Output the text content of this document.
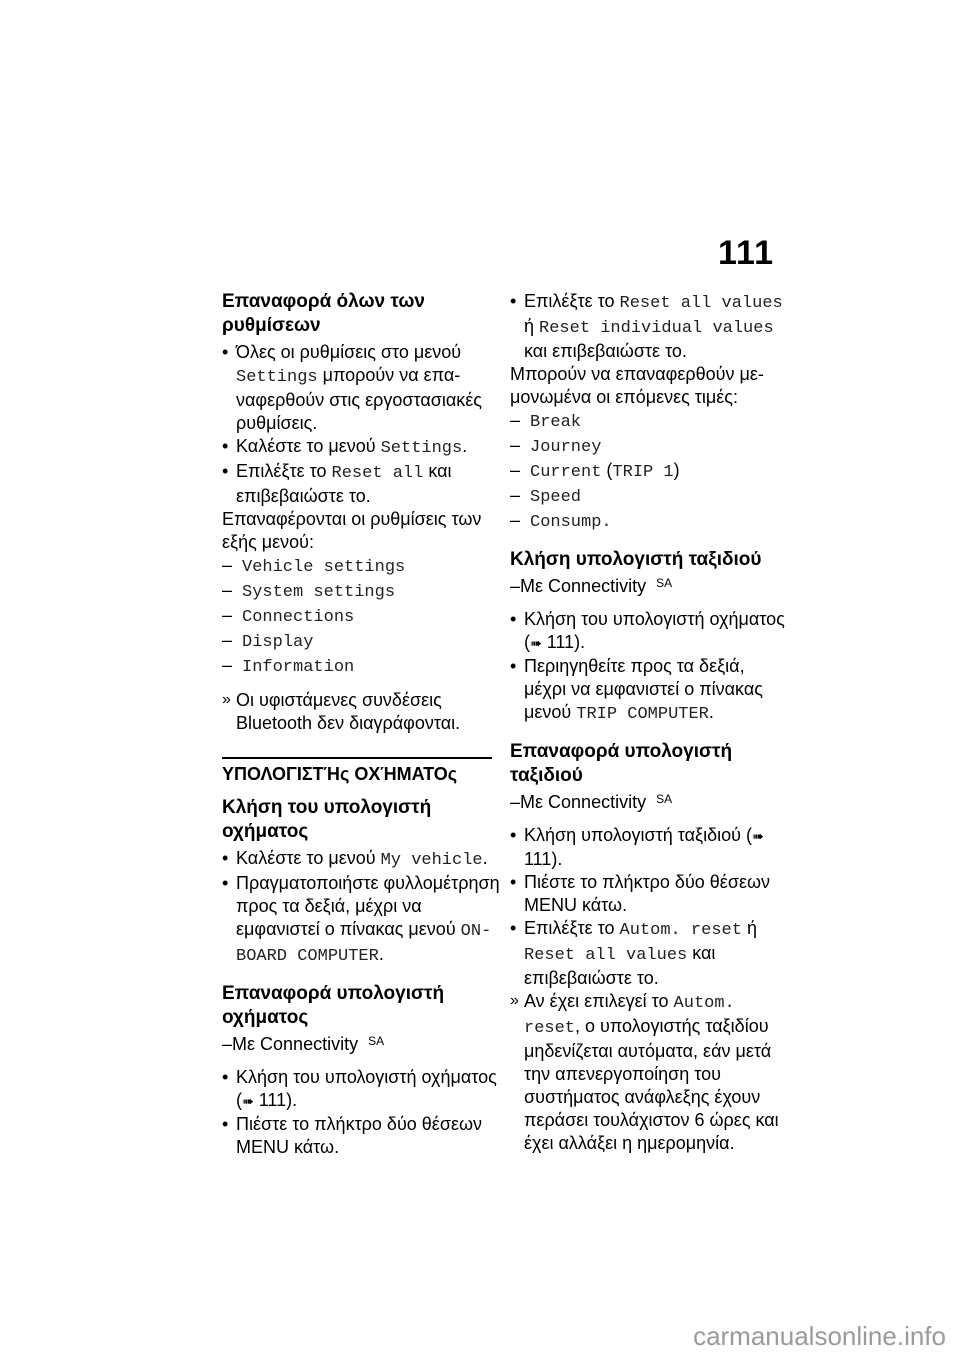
111
Επαναφορά όλων των ρυθμίσεων
• Όλες οι ρυθμίσεις στο μενού Settings μπορούν να επαναφερθούν στις εργοστασιακές ρυθμίσεις.
• Καλέστε το μενού Settings.
• Επιλέξτε το Reset all και επιβεβαιώστε το.

Επαναφέρονται οι ρυθμίσεις των εξής μενού:

– Vehicle settings
– System settings
– Connections
– Display
– Information
» Οι υφιστάμενες συνδέσεις Bluetooth δεν διαγράφονται.
ΥΠΟΛΟΓΙΣΤΉς ΟΧΉΜΑΤΟς
Κλήση του υπολογιστή οχήματος
• Καλέστε το μενού My vehicle.
• Πραγματοποιήστε φυλλομέτρηση προς τα δεξιά, μέχρι να εμφανιστεί ο πίνακας μενού ON-BOARD COMPUTER.
Επαναφορά υπολογιστή οχήματος
–Με Connectivity $^{SA}$
• Κλήση του υπολογιστή οχήματος (➠ 111).
• Πιέστε το πλήκτρο δύο θέσεων MENU κάτω.
• Επιλέξτε το Reset all values ή Reset individual values και επιβεβαιώστε το.

Μπορούν να επαναφερθούν μεμονωμένα οι επόμενες τιμές:

– Break
– Journey
– Current (TRIP 1)
– Speed
– Consump.
Κλήση υπολογιστή ταξιδιού
–Με Connectivity $^{SA}$
• Κλήση του υπολογιστή οχήματος (➠ 111).
• Περιηγηθείτε προς τα δεξιά, μέχρι να εμφανιστεί ο πίνακας μενού TRIP COMPUTER.
Επαναφορά υπολογιστή ταξιδιού
–Με Connectivity $^{SA}$
• Κλήση υπολογιστή ταξιδιού (➠ 111).
• Πιέστε το πλήκτρο δύο θέσεων MENU κάτω.
• Επιλέξτε το Autom. reset ή Reset all values και επιβεβαιώστε το.
» Αν έχει επιλεγεί το Autom. reset, ο υπολογιστής ταξιδίου μηδενίζεται αυτόματα, εάν μετά την απενεργοποίηση του συστήματος ανάφλεξης έχουν περάσει τουλάχιστον 6 ώρες και έχει αλλάξει η ημερομηνία.
carmanualsonline.info
